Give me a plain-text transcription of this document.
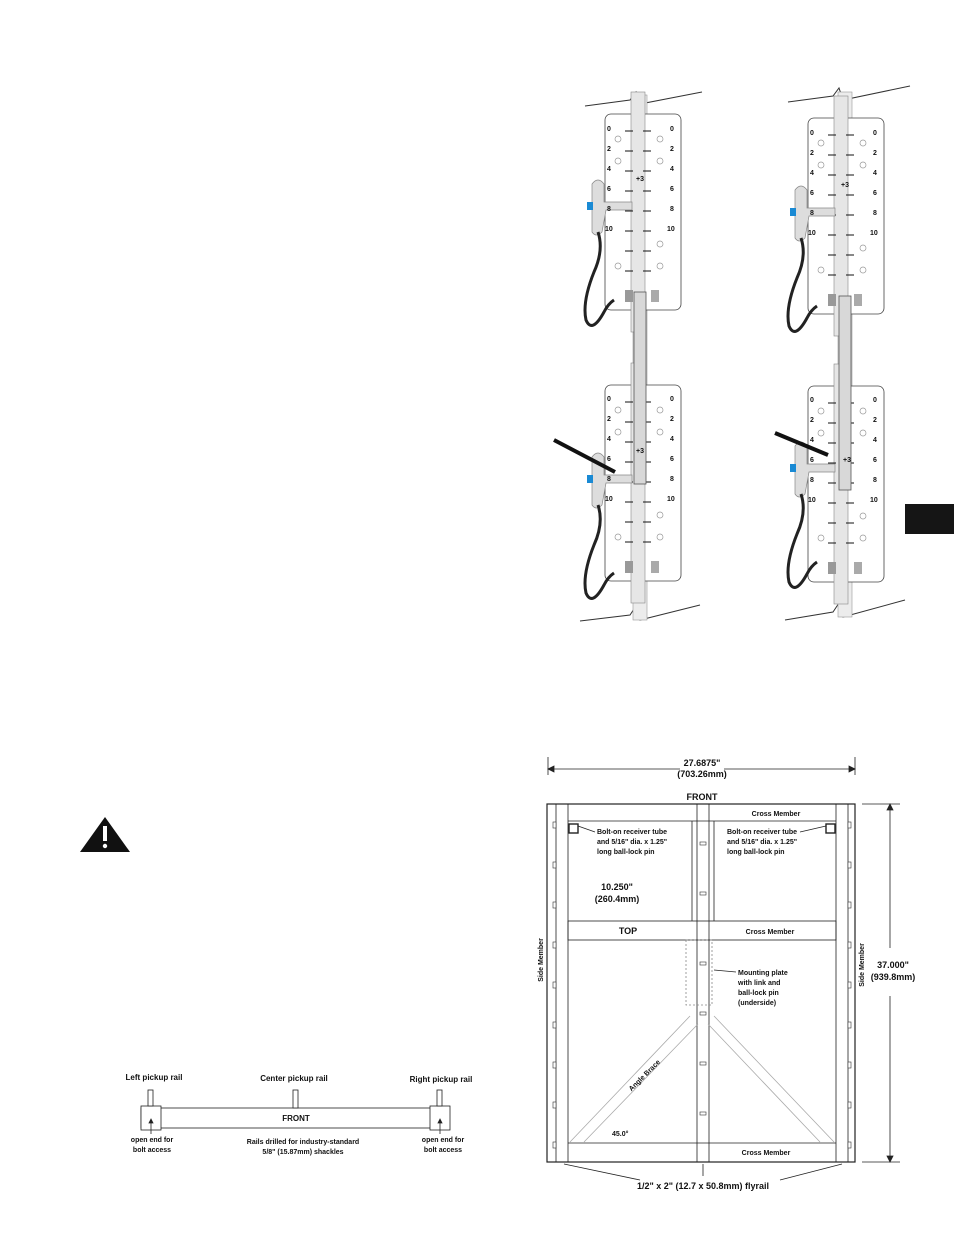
0
2
4
6
8
10
0
2
4
6
8
10
+3
0
2
4
6
8
10
0
2
4
6
8
10
+3
0
2
4
6
8
10
0
2
4
6
8
10
+3
0
2
4
6
8
10
0
2
4
6
8
10
+3
27.6875"
(703.26mm)
FRONT
Cross Member
Bolt-on receiver tube
and 5/16" dia. x 1.25"
long ball-lock pin
Bolt-on receiver tube
and 5/16" dia. x 1.25"
long ball-lock pin
10.250"
(260.4mm)
TOP	Cross Member
Mounting plate
with link and
ball-lock pin
(underside)
Side Member	Side Member 37.000"
(939.8mm)
Angle Brace
45.0°
Cross Member
1/2" x 2" (12.7 x 50.8mm) flyrail
Left pickup rail	Center pickup rail	Right pickup rail
FRONT
open end for
bolt access
open end for
bolt access
Rails drilled for industry-standard
5/8" (15.87mm) shackles
